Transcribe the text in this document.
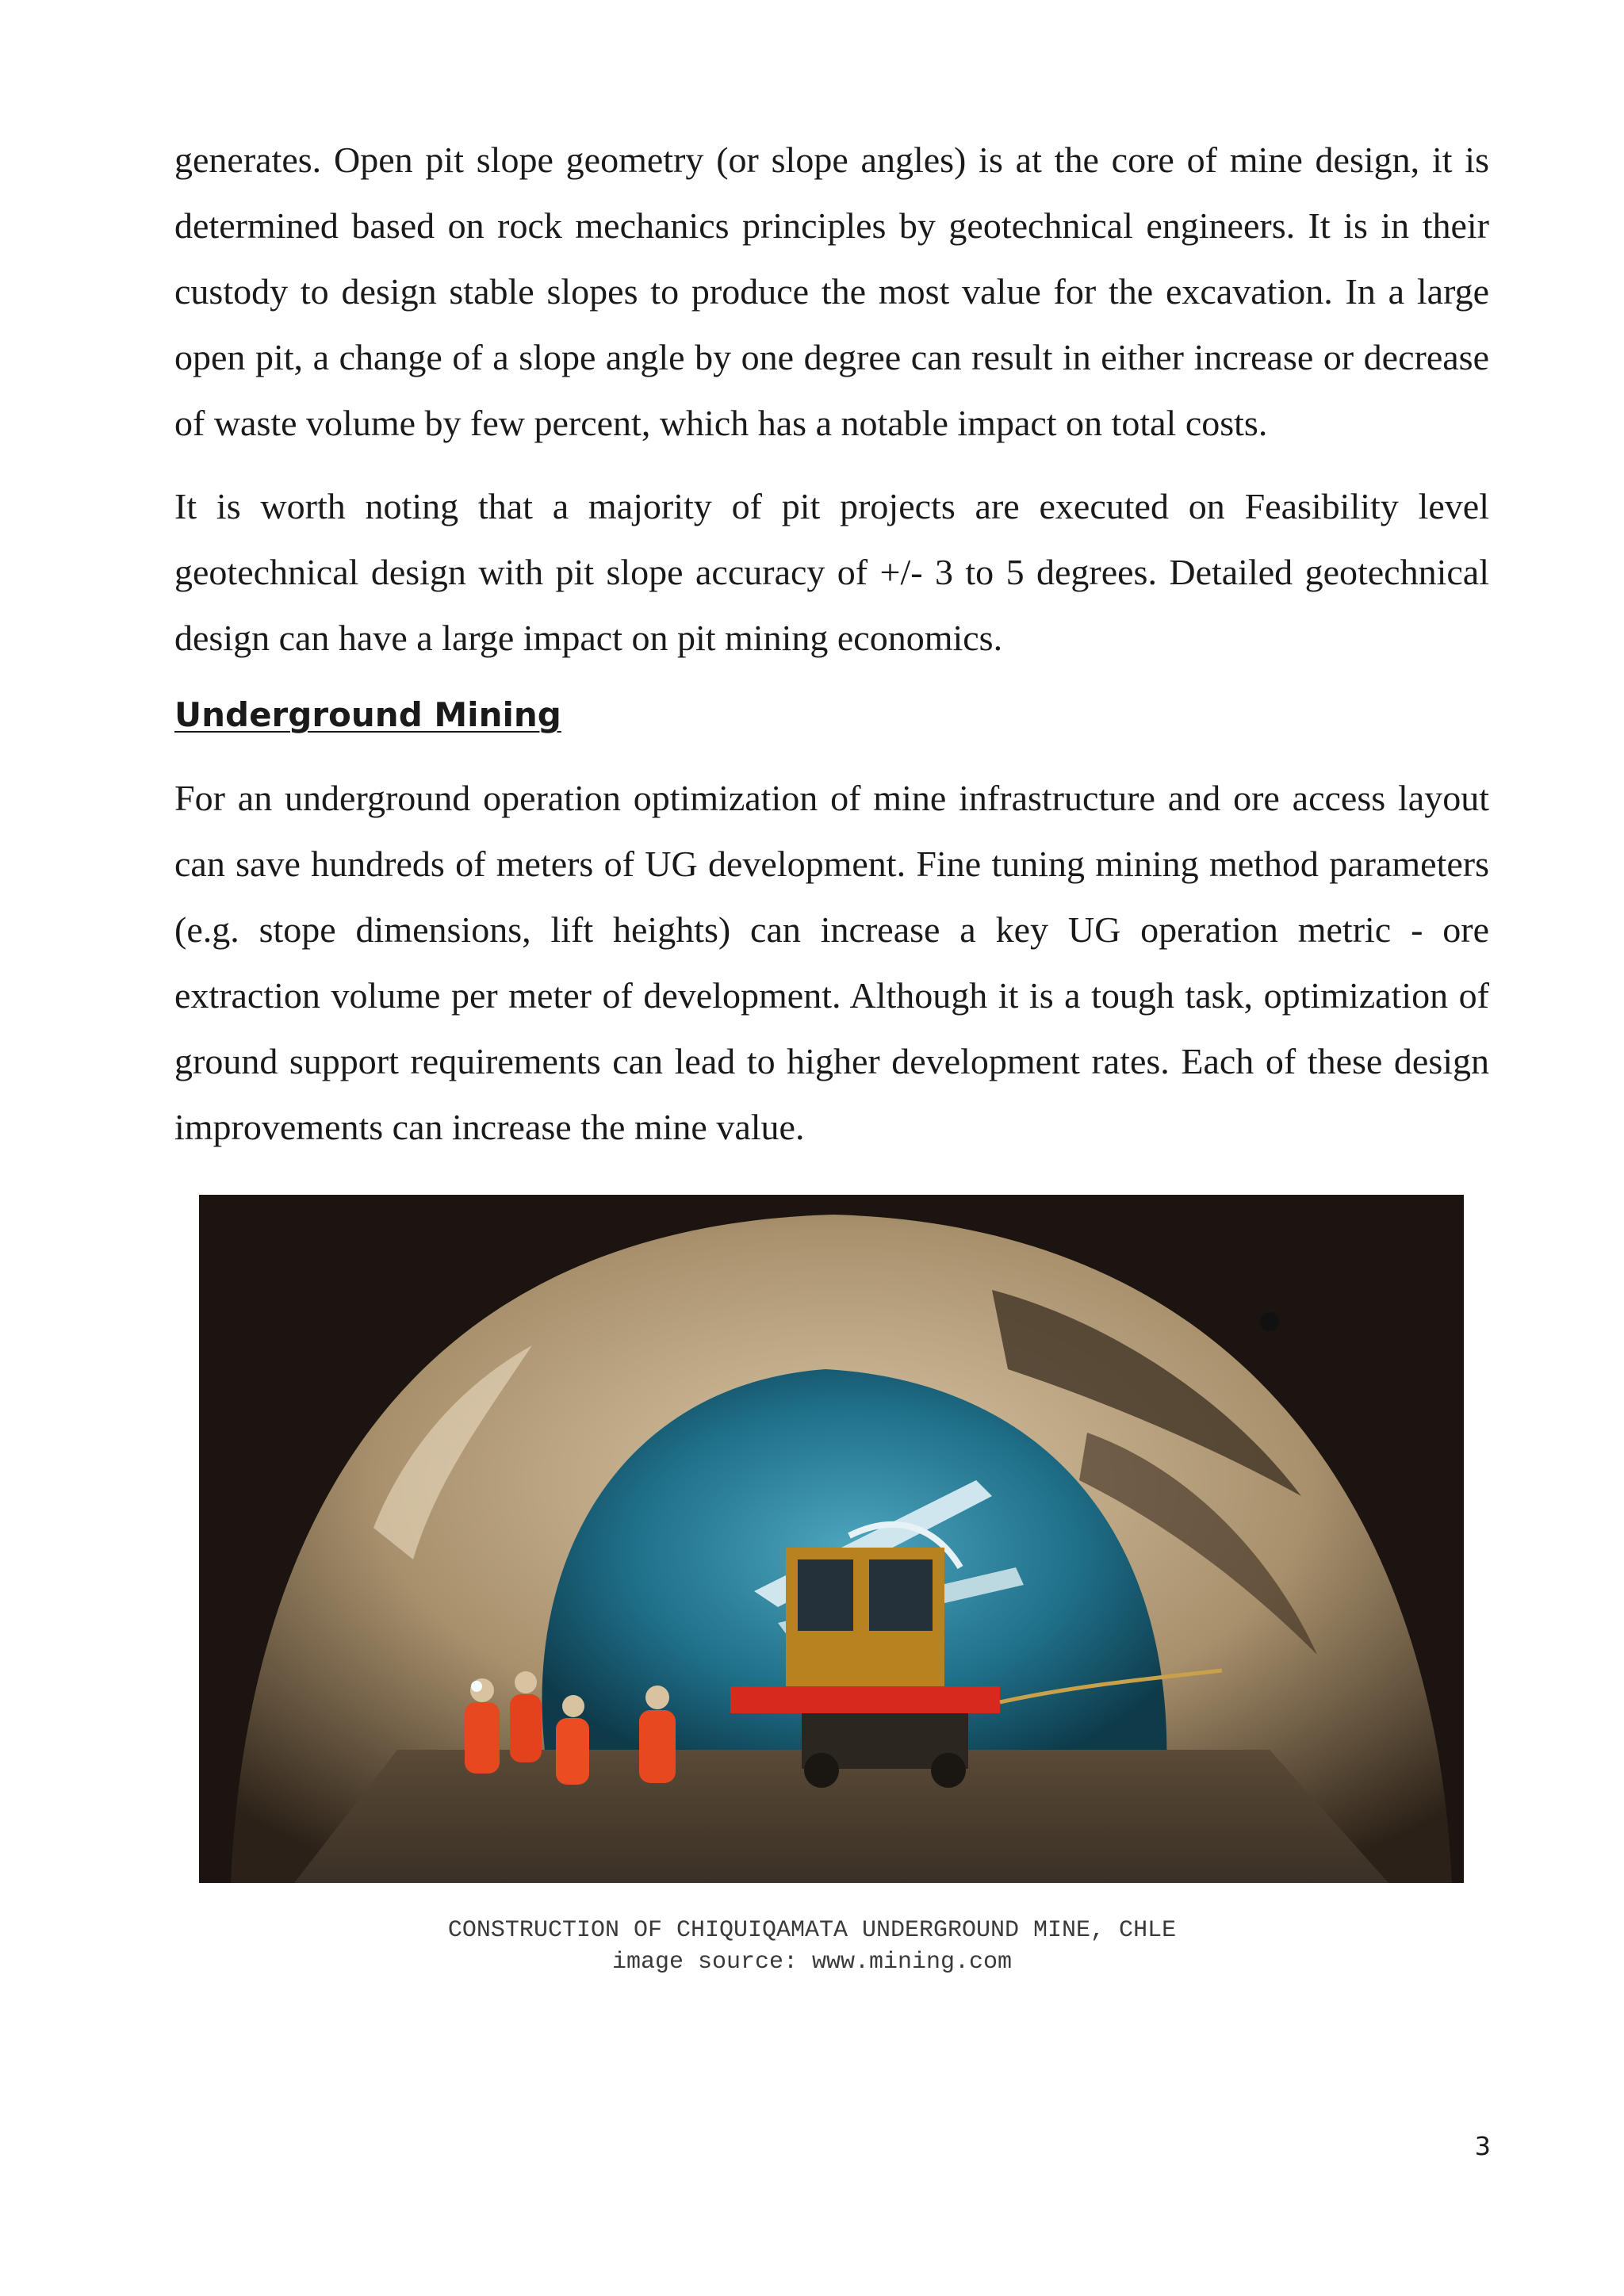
generates. Open pit slope geometry (or slope angles) is at the core of mine design, it is determined based on rock mechanics principles by geotechnical engineers. It is in their custody to design stable slopes to produce the most value for the excavation. In a large open pit, a change of a slope angle by one degree can result in either increase or decrease of waste volume by few percent, which has a notable impact on total costs.

It is worth noting that a majority of pit projects are executed on Feasibility level geotechnical design with pit slope accuracy of +/- 3 to 5 degrees. Detailed geotechnical design can have a large impact on pit mining economics.

Underground Mining

For an underground operation optimization of mine infrastructure and ore access layout can save hundreds of meters of UG development. Fine tuning mining method parameters (e.g. stope dimensions, lift heights) can increase a key UG operation metric - ore extraction volume per meter of development. Although it is a tough task, optimization of ground support requirements can lead to higher development rates. Each of these design improvements can increase the mine value.

CONSTRUCTION OF CHIQUIQAMATA UNDERGROUND MINE, CHLE

image source: www.mining.com

3
